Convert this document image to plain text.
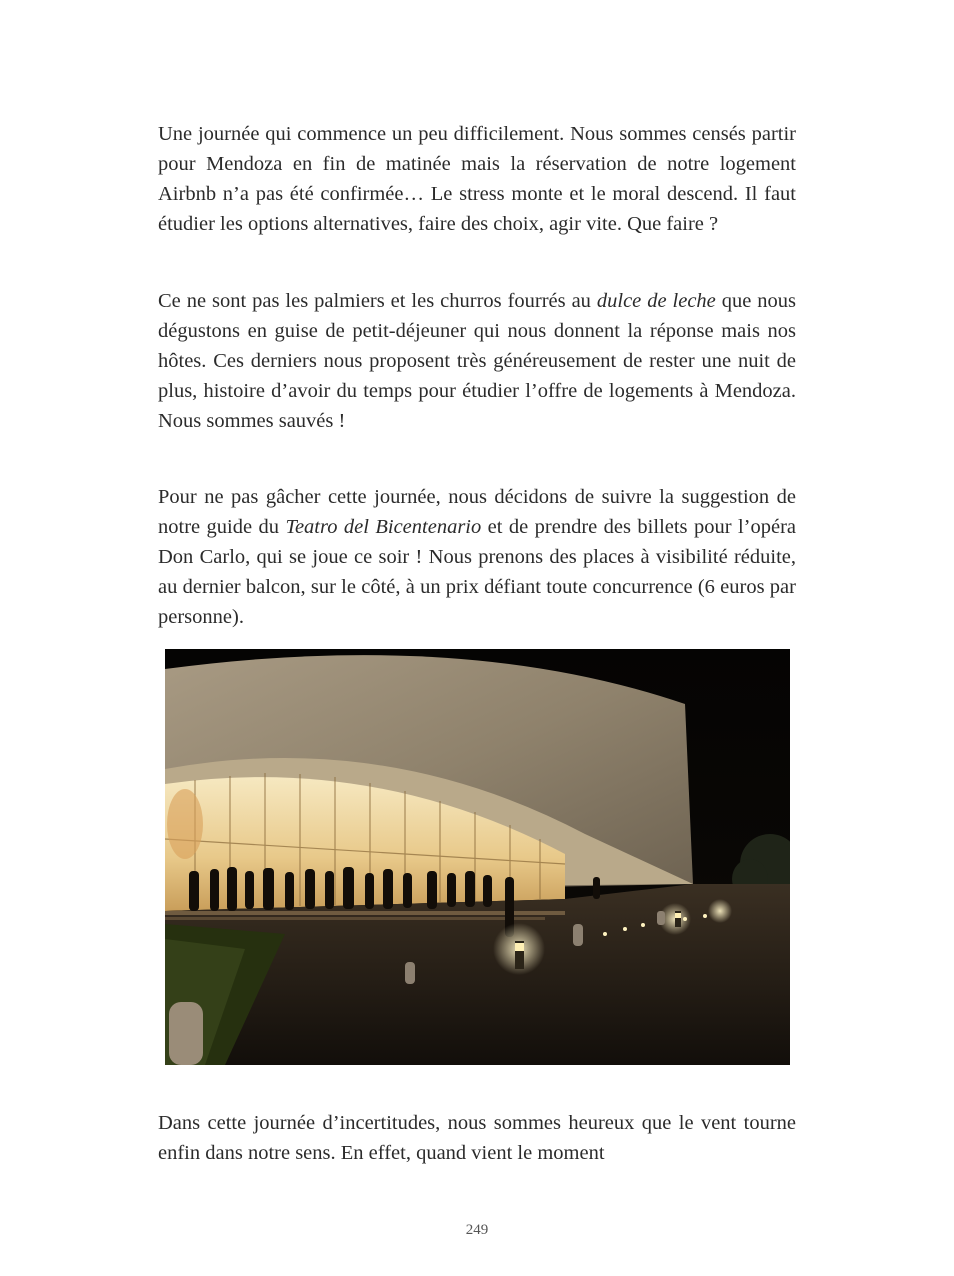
Une journée qui commence un peu difficilement. Nous sommes censés partir pour Mendoza en fin de matinée mais la réservation de notre logement Airbnb n’a pas été confirmée… Le stress monte et le moral descend. Il faut étudier les options alternatives, faire des choix, agir vite. Que faire ?

Ce ne sont pas les palmiers et les churros fourrés au dulce de leche que nous dégustons en guise de petit-déjeuner qui nous donnent la réponse mais nos hôtes. Ces derniers nous proposent très généreusement de rester une nuit de plus, histoire d’avoir du temps pour étudier l’offre de logements à Mendoza. Nous sommes sauvés !

Pour ne pas gâcher cette journée, nous décidons de suivre la suggestion de notre guide du Teatro del Bicentenario et de prendre des billets pour l’opéra Don Carlo, qui se joue ce soir ! Nous prenons des places à visibilité réduite, au dernier balcon, sur le côté, à un prix défiant toute concurrence (6 euros par personne).

Dans cette journée d’incertitudes, nous sommes heureux que le vent tourne enfin dans notre sens. En effet, quand vient le moment

249
